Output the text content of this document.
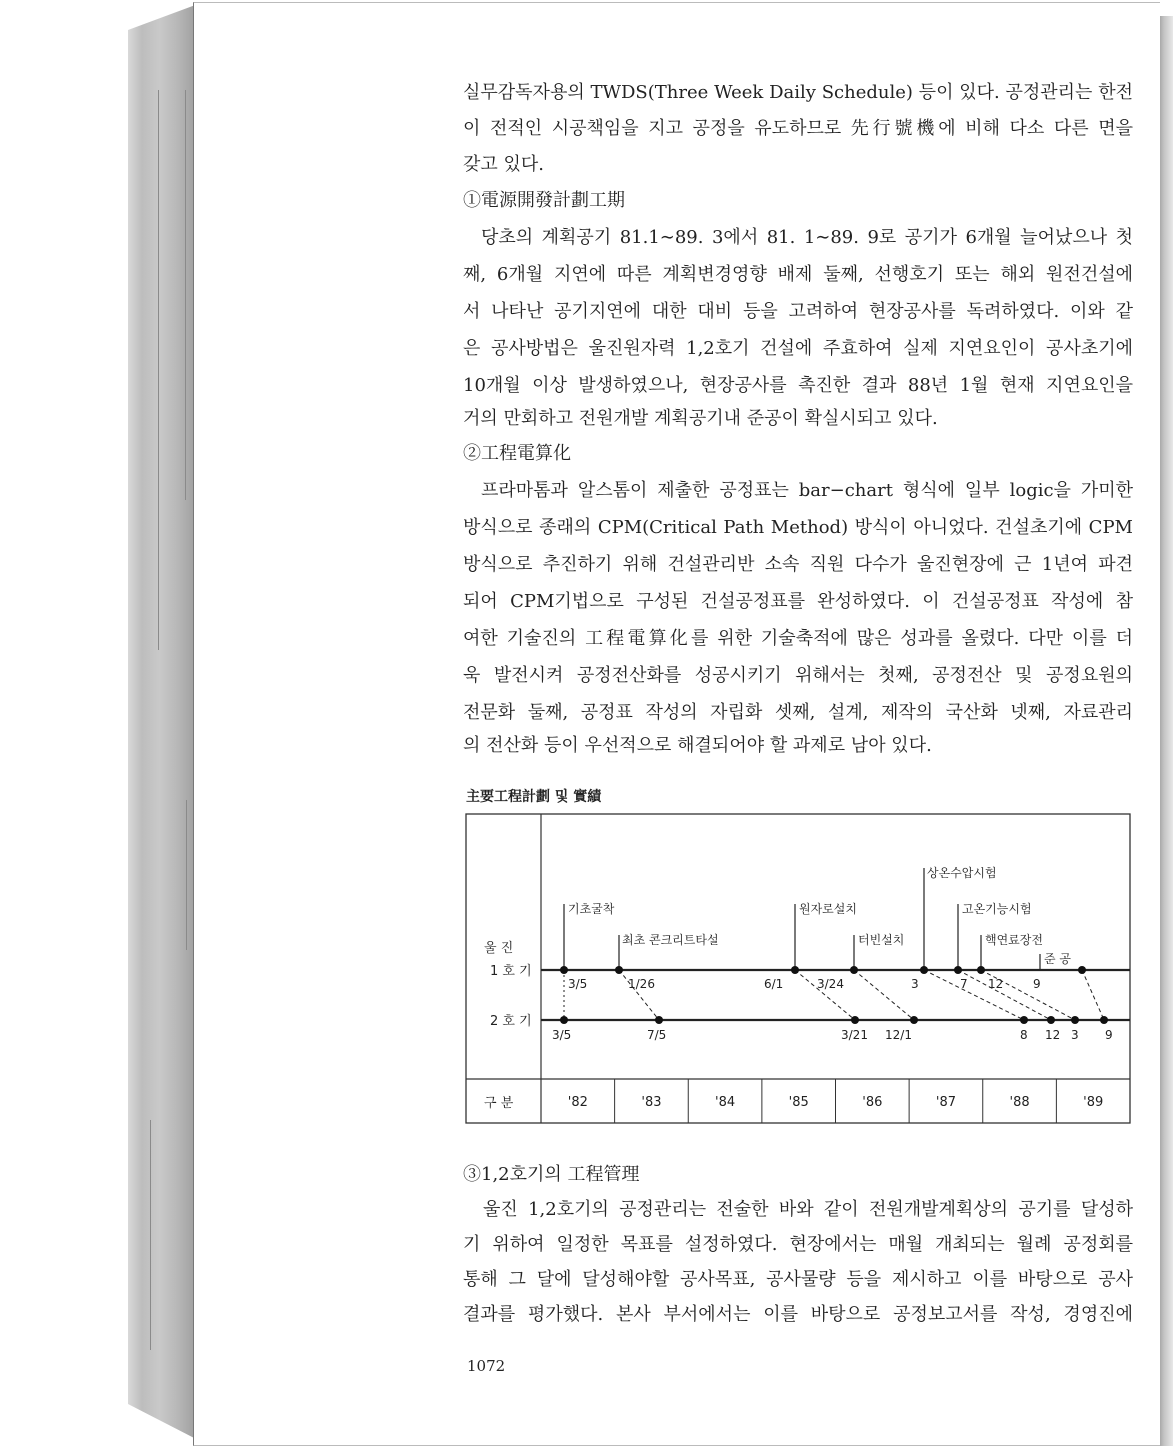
실무감독자용의 TWDS(Three Week Daily Schedule) 등이 있다. 공정관리는 한전
이 전적인 시공책임을 지고 공정을 유도하므로 先行號機에 비해 다소 다른 면을
갖고 있다.
①電源開發計劃工期
당초의 계획공기 81.1∼89. 3에서 81. 1∼89. 9로 공기가 6개월 늘어났으나 첫
째, 6개월 지연에 따른 계획변경영향 배제 둘째, 선행호기 또는 해외 원전건설에
서 나타난 공기지연에 대한 대비 등을 고려하여 현장공사를 독려하였다. 이와 같
은 공사방법은 울진원자력 1,2호기 건설에 주효하여 실제 지연요인이 공사초기에
10개월 이상 발생하였으나, 현장공사를 촉진한 결과 88년 1월 현재 지연요인을
거의 만회하고 전원개발 계획공기내 준공이 확실시되고 있다.
②工程電算化
프라마톰과 알스톰이 제출한 공정표는 bar−chart 형식에 일부 logic을 가미한
방식으로 종래의 CPM(Critical Path Method) 방식이 아니었다. 건설초기에 CPM
방식으로 추진하기 위해 건설관리반 소속 직원 다수가 울진현장에 근 1년여 파견
되어 CPM기법으로 구성된 건설공정표를 완성하였다. 이 건설공정표 작성에 참
여한 기술진의 工程電算化를 위한 기술축적에 많은 성과를 올렸다. 다만 이를 더
욱 발전시켜 공정전산화를 성공시키기 위해서는 첫째, 공정전산 및 공정요원의
전문화 둘째, 공정표 작성의 자립화 셋째, 설계, 제작의 국산화 넷째, 자료관리
의 전산화 등이 우선적으로 해결되어야 할 과제로 남아 있다.
主要工程計劃 및 實績
울 진
1 호 기
2 호 기
구 분
기초굴착
최초 콘크리트타설
원자로설치
터빈설치
상온수압시험
고온기능시험
핵연료장전
준 공
3/5	1/26	6/1	3/24	3	7 12 9
3/5	7/5	3/21 12/1	8 12 3 9
'82	'83	'84	'85	'86	'87	'88	'89
③1,2호기의 工程管理
울진 1,2호기의 공정관리는 전술한 바와 같이 전원개발계획상의 공기를 달성하
기 위하여 일정한 목표를 설정하였다. 현장에서는 매월 개최되는 월례 공정회를
통해 그 달에 달성해야할 공사목표, 공사물량 등을 제시하고 이를 바탕으로 공사
결과를 평가했다. 본사 부서에서는 이를 바탕으로 공정보고서를 작성, 경영진에
1072
